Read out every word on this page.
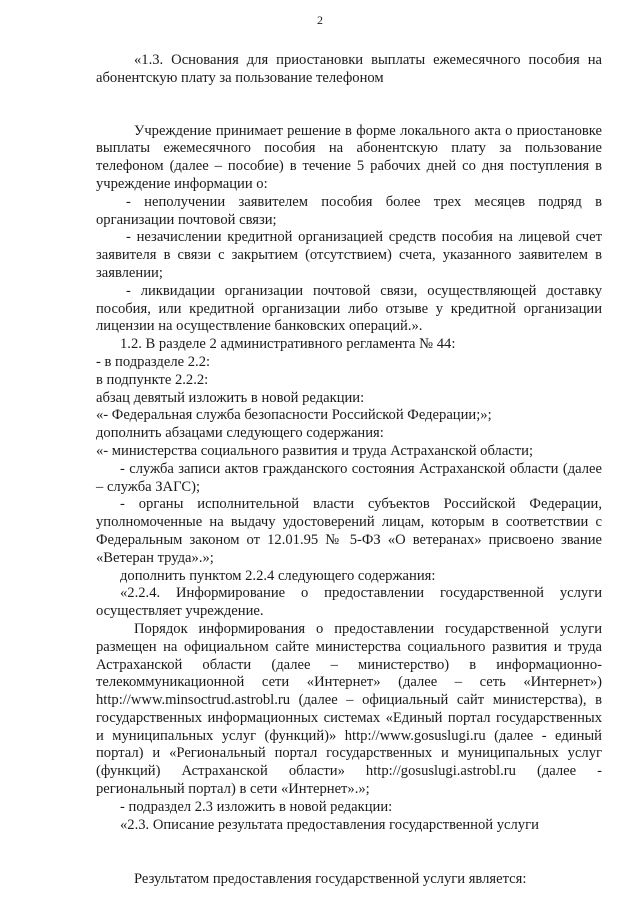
2

«1.3. Основания для приостановки выплаты ежемесячного пособия на абонентскую плату за пользование телефоном

Учреждение принимает решение в форме локального акта о приостановке выплаты ежемесячного пособия на абонентскую плату за пользование телефоном (далее – пособие) в течение 5 рабочих дней со дня поступления в учреждение информации о:

- неполучении заявителем пособия более трех месяцев подряд в организации почтовой связи;

- незачислении кредитной организацией средств пособия на лицевой счет заявителя в связи с закрытием (отсутствием) счета, указанного заявителем в заявлении;

- ликвидации организации почтовой связи, осуществляющей доставку пособия, или кредитной организации либо отзыве у кредитной организации лицензии на осуществление банковских операций.».

1.2. В разделе 2 административного регламента № 44:

- в подразделе 2.2:

в подпункте 2.2.2:

абзац девятый изложить в новой редакции:

«- Федеральная служба безопасности Российской Федерации;»;

дополнить абзацами следующего содержания:

«- министерства социального развития и труда Астраханской области;

- служба записи актов гражданского состояния Астраханской области (далее – служба ЗАГС);

- органы исполнительной власти субъектов Российской Федерации, уполномоченные на выдачу удостоверений лицам, которым в соответствии с Федеральным законом от 12.01.95 № 5-ФЗ «О ветеранах» присвоено звание «Ветеран труда».»;

дополнить пунктом 2.2.4 следующего содержания:

«2.2.4. Информирование о предоставлении государственной услуги осуществляет учреждение.

Порядок информирования о предоставлении государственной услуги размещен на официальном сайте министерства социального развития и труда Астраханской области (далее – министерство) в информационно-телекоммуникационной сети «Интернет» (далее – сеть «Интернет») http://www.minsoctrud.astrobl.ru (далее – официальный сайт министерства), в государственных информационных системах «Единый портал государственных и муниципальных услуг (функций)» http://www.gosuslugi.ru (далее - единый портал) и «Региональный портал государственных и муниципальных услуг (функций) Астраханской области» http://gosuslugi.astrobl.ru (далее - региональный портал) в сети «Интернет».»;

- подраздел 2.3 изложить в новой редакции:

«2.3. Описание результата предоставления государственной услуги

Результатом предоставления государственной услуги является:
